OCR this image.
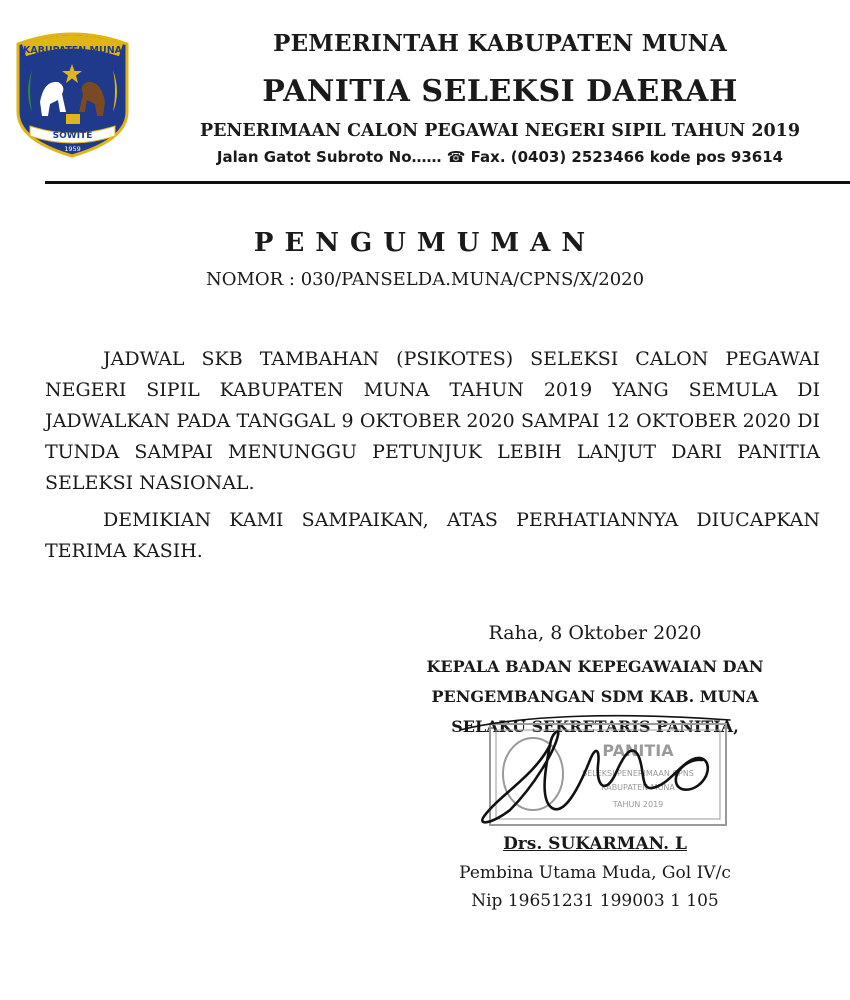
KABUPATEN MUNA
SOWITE
1959
PEMERINTAH KABUPATEN MUNA
PANITIA SELEKSI DAERAH
PENERIMAAN CALON PEGAWAI NEGERI SIPIL TAHUN 2019
Jalan Gatot Subroto No…… ☎ Fax. (0403) 2523466 kode pos 93614
PENGUMUMAN
NOMOR : 030/PANSELDA.MUNA/CPNS/X/2020
JADWAL SKB TAMBAHAN (PSIKOTES) SELEKSI CALON PEGAWAI NEGERI SIPIL KABUPATEN MUNA TAHUN 2019 YANG SEMULA DI JADWALKAN PADA TANGGAL 9 OKTOBER 2020 SAMPAI 12 OKTOBER 2020 DI TUNDA SAMPAI MENUNGGU PETUNJUK LEBIH LANJUT DARI PANITIA SELEKSI NASIONAL.
DEMIKIAN KAMI SAMPAIKAN, ATAS PERHATIANNYA DIUCAPKAN TERIMA KASIH.
Raha, 8 Oktober 2020
KEPALA BADAN KEPEGAWAIAN DAN
PENGEMBANGAN SDM KAB. MUNA
SELAKU SEKRETARIS PANITIA,
PANITIA
SELEKSI PENERIMAAN CPNS
KABUPATEN MUNA
TAHUN 2019
Drs. SUKARMAN. L
Pembina Utama Muda, Gol IV/c
Nip 19651231 199003 1 105
